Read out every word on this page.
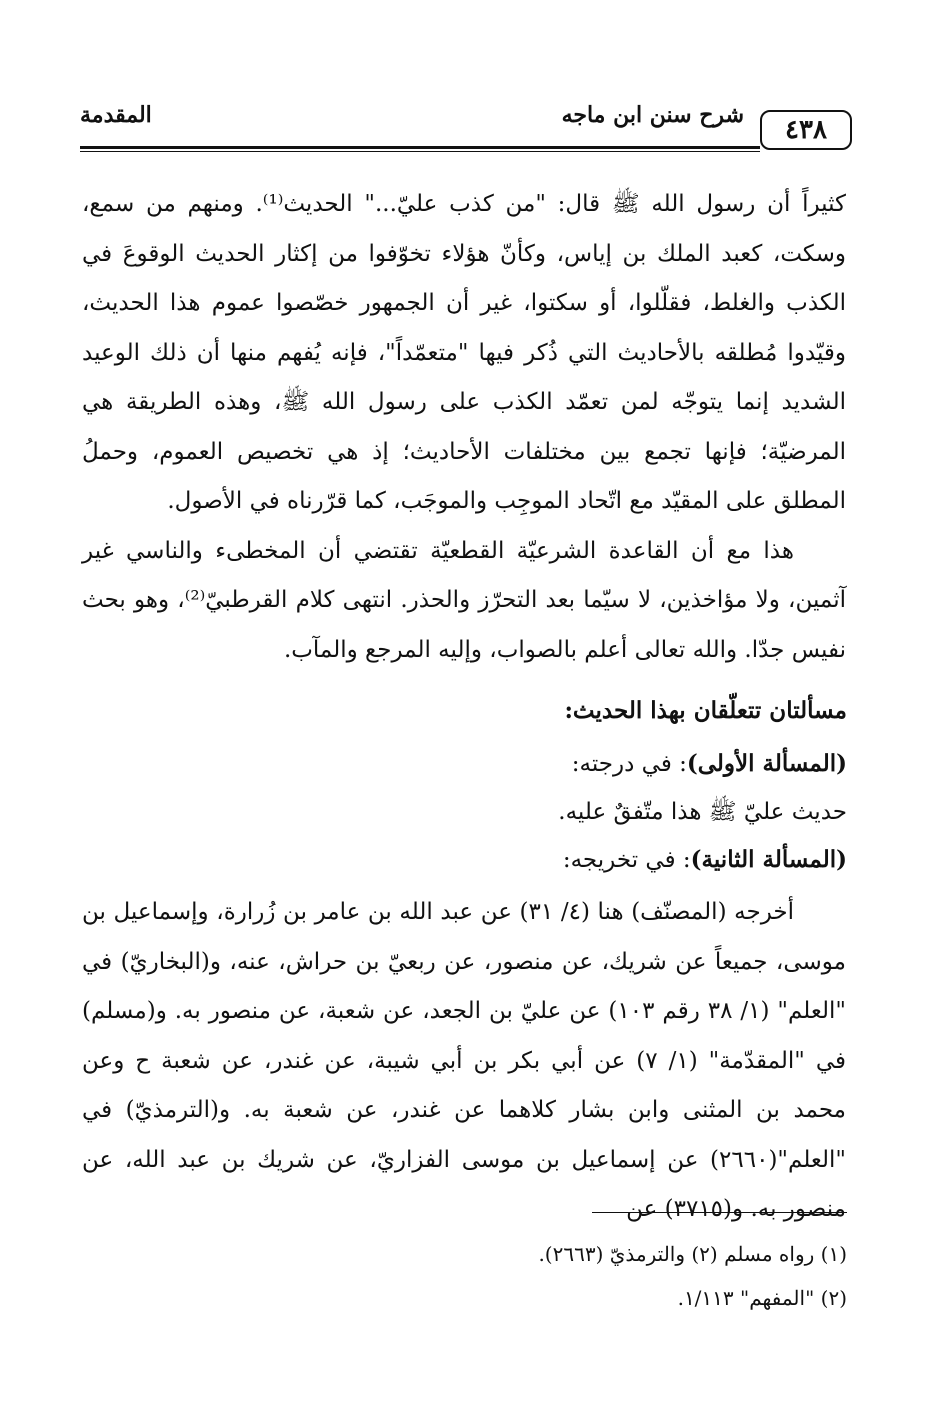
٤٣٨
شرح سنن ابن ماجه
المقدمة

كثيراً أن رسول الله ﷺ قال: "من كذب عليّ..." الحديث⁽¹⁾. ومنهم من سمع، وسكت، كعبد الملك بن إياس، وكأنّ هؤلاء تخوّفوا من إكثار الحديث الوقوعَ في الكذب والغلط، فقلّلوا، أو سكتوا، غير أن الجمهور خصّصوا عموم هذا الحديث، وقيّدوا مُطلقه بالأحاديث التي ذُكر فيها "متعمّداً"، فإنه يُفهم منها أن ذلك الوعيد الشديد إنما يتوجّه لمن تعمّد الكذب على رسول الله ﷺ، وهذه الطريقة هي المرضيّة؛ فإنها تجمع بين مختلفات الأحاديث؛ إذ هي تخصيص العموم، وحملُ المطلق على المقيّد مع اتّحاد الموجِب والموجَب، كما قرّرناه في الأصول.

هذا مع أن القاعدة الشرعيّة القطعيّة تقتضي أن المخطىء والناسي غير آثمين، ولا مؤاخذين، لا سيّما بعد التحرّز والحذر. انتهى كلام القرطبيّ⁽²⁾، وهو بحث نفيس جدّا. والله تعالى أعلم بالصواب، وإليه المرجع والمآب.

مسألتان تتعلّقان بهذا الحديث:

(المسألة الأولى): في درجته:

حديث عليّ ﷺ هذا متّفقٌ عليه.

(المسألة الثانية): في تخريجه:

أخرجه (المصنّف) هنا (٤/ ٣١) عن عبد الله بن عامر بن زُرارة، وإسماعيل بن موسى، جميعاً عن شريك، عن منصور، عن ربعيّ بن حراش، عنه، و(البخاريّ) في "العلم" (١/ ٣٨ رقم ١٠٣) عن عليّ بن الجعد، عن شعبة، عن منصور به. و(مسلم) في "المقدّمة" (١/ ٧) عن أبي بكر بن أبي شيبة، عن غندر، عن شعبة ح وعن محمد بن المثنى وابن بشار كلاهما عن غندر، عن شعبة به. و(الترمذيّ) في "العلم"(٢٦٦٠) عن إسماعيل بن موسى الفزاريّ، عن شريك بن عبد الله، عن منصور به. و(٣٧١٥) عن

(١) رواه مسلم (٢) والترمذيّ (٢٦٦٣).

(٢) "المفهم" ١/١١٣.
